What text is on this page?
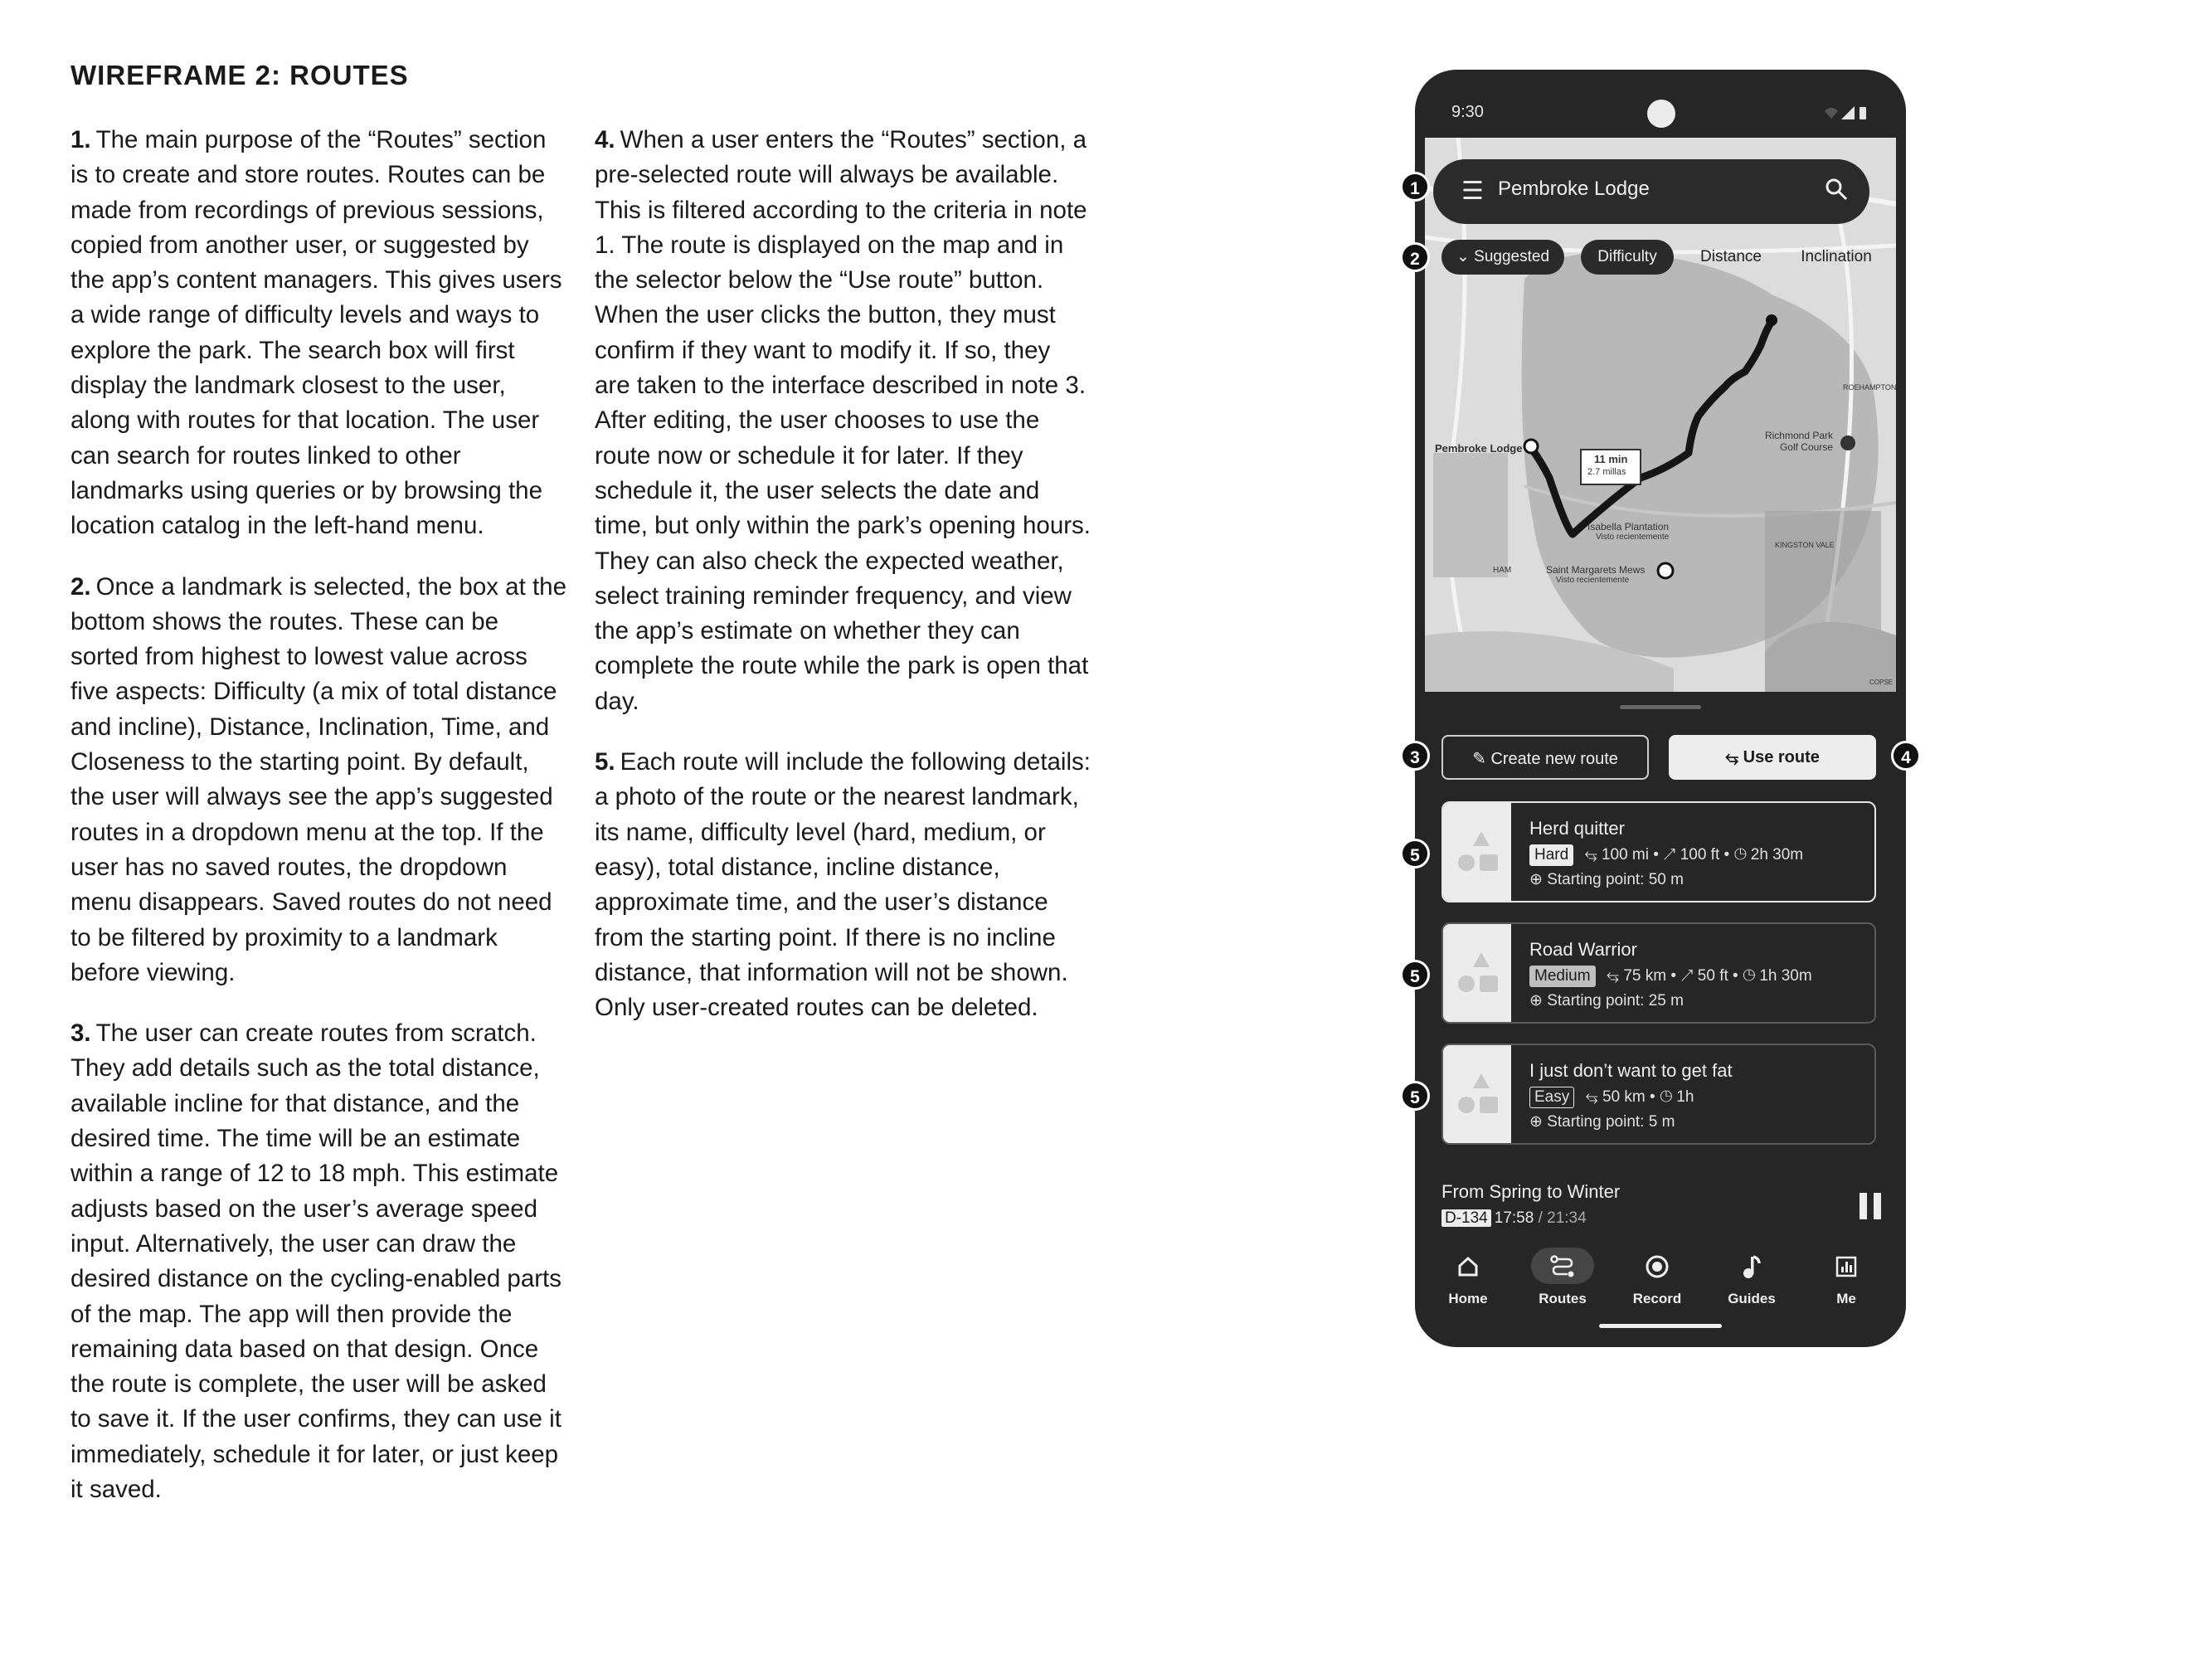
WIREFRAME 2: ROUTES

1. The main purpose of the “Routes” section is to create and store routes. Routes can be made from recordings of previous sessions, copied from another user, or suggested by the app’s content managers. This gives users a wide range of difficulty levels and ways to explore the park. The search box will first display the landmark closest to the user, along with routes for that location. The user can search for routes linked to other landmarks using queries or by browsing the location catalog in the left-hand menu.

2. Once a landmark is selected, the box at the bottom shows the routes. These can be sorted from highest to lowest value across five aspects: Difficulty (a mix of total distance and incline), Distance, Inclination, Time, and Closeness to the starting point. By default, the user will always see the app’s suggested routes in a dropdown menu at the top. If the user has no saved routes, the dropdown menu disappears. Saved routes do not need to be filtered by proximity to a landmark before viewing.

3. The user can create routes from scratch. They add details such as the total distance, available incline for that distance, and the desired time. The time will be an estimate within a range of 12 to 18 mph. This estimate adjusts based on the user’s average speed input. Alternatively, the user can draw the desired distance on the cycling-enabled parts of the map. The app will then provide the remaining data based on that design. Once the route is complete, the user will be asked to save it. If the user confirms, they can use it immediately, schedule it for later, or just keep it saved.

4. When a user enters the “Routes” section, a pre-selected route will always be available. This is filtered according to the criteria in note 1. The route is displayed on the map and in the selector below the “Use route” button. When the user clicks the button, they must confirm if they want to modify it. If so, they are taken to the interface described in note 3. After editing, the user chooses to use the route now or schedule it for later. If they schedule it, the user selects the date and time, but only within the park’s opening hours. They can also check the expected weather, select training reminder frequency, and view the app’s estimate on whether they can complete the route while the park is open that day.

5. Each route will include the following details: a photo of the route or the nearest landmark, its name, difficulty level (hard, medium, or easy), total distance, incline distance, approximate time, and the user’s distance from the starting point. If there is no incline distance, that information will not be shown. Only user-created routes can be deleted.

9:30
Pembroke Lodge
11 min
2.7 millas
Isabella Plantation
Visto recientemente
Saint Margarets Mews
Visto recientemente
Richmond Park Golf Course
ROEHAMPTON
KINGSTON VALE
HAM
COPSE
☰ Pembroke Lodge
⌄ Suggested	Difficulty	Distance	Inclination
✎ Create new route	⥃ Use route
Herd quitter
Hard ⥃ 100 mi • ↗ 100 ft • ◷ 2h 30m
⊕ Starting point: 50 m
Road Warrior
Medium ⥃ 75 km • ↗ 50 ft • ◷ 1h 30m
⊕ Starting point: 25 m
I just don’t want to get fat
Easy ⥃ 50 km • ◷ 1h
⊕ Starting point: 5 m
From Spring to Winter
D-134 17:58 / 21:34
Home	Routes	Record	Guides	Me
1
2
3	4
5
5
5
